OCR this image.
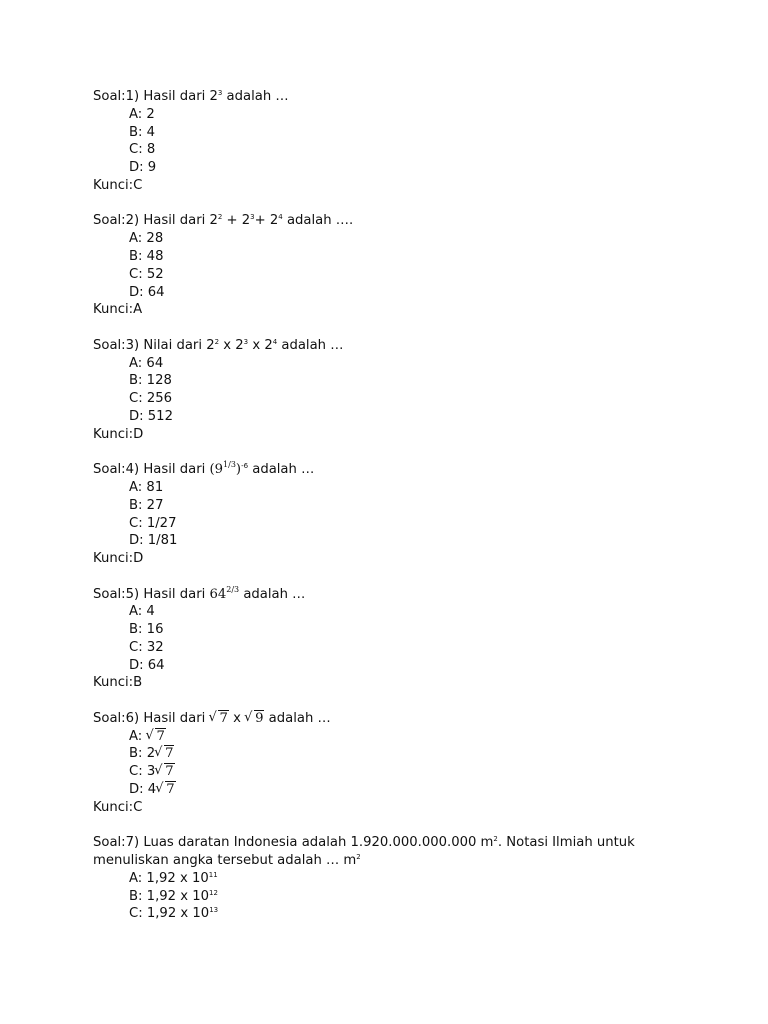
Soal:1) Hasil dari $2^3$ adalah …
A: 2
B: 4
C: 8
D: 9
Kunci:C
Soal:2) Hasil dari $2^2 + 2^3+ 2^4$ adalah ….
A: 28
B: 48
C: 52
D: 64
Kunci:A
Soal:3) Nilai dari $2^2$ x $2^3$ x $2^4$ adalah …
A: 64
B: 128
C: 256
D: 512
Kunci:D
Soal:4) Hasil dari $(9^{1/3})^{-6}$ adalah …
A: 81
B: 27
C: 1/27
D: 1/81
Kunci:D
Soal:5) Hasil dari $64^{2/3}$ adalah …
A: 4
B: 16
C: 32
D: 64
Kunci:B
Soal:6) Hasil dari √ 7 x √ 9 adalah …
A: √ 7
B: 2 √ 7
C: 3 √ 7
D: 4 √ 7
Kunci:C
Soal:7) Luas daratan Indonesia adalah 1.920.000.000.000 $m^2$. Notasi Ilmiah untuk
menuliskan angka tersebut adalah … $m^2$
A: 1,92 x $10^{11}$
B: 1,92 x $10^{12}$
C: 1,92 x $10^{13}$
